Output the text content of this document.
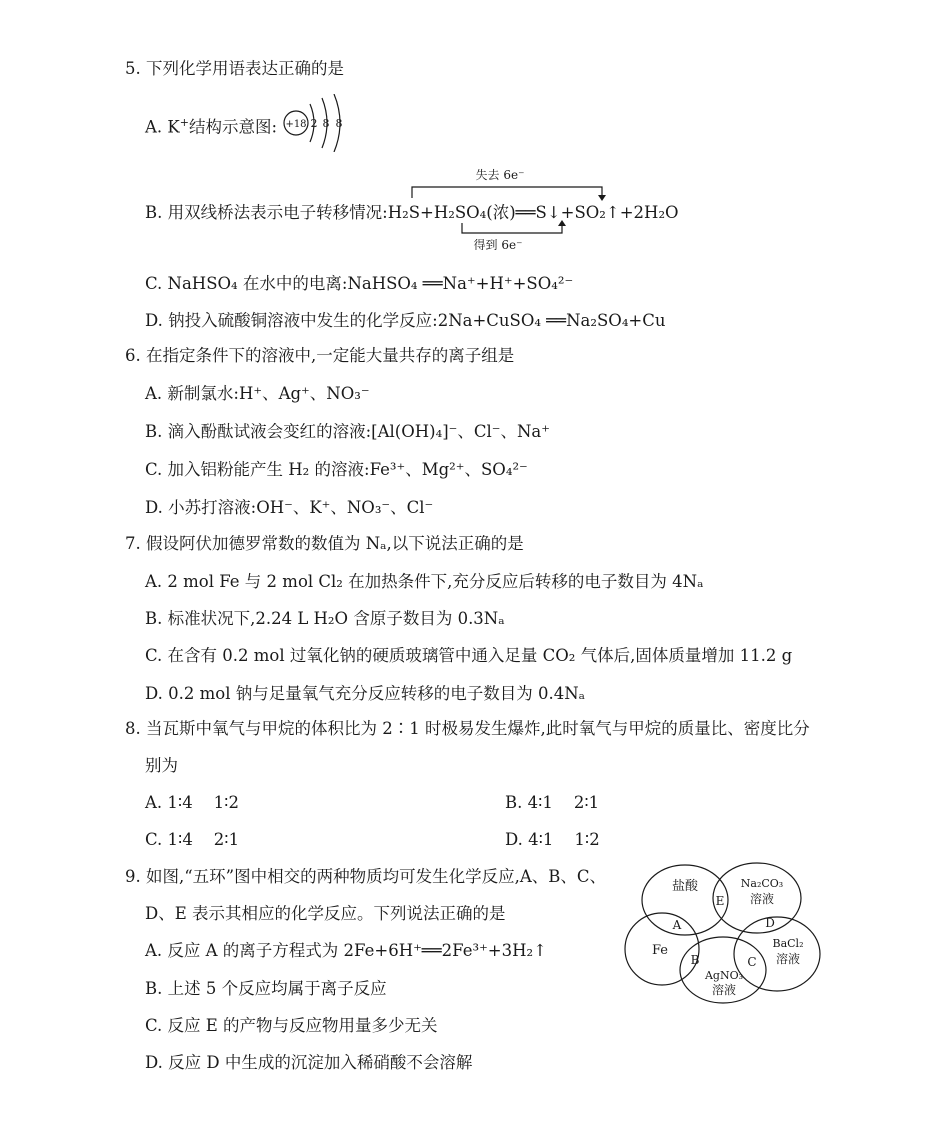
5. 下列化学用语表达正确的是
A. K+结构示意图: +18 2 8 8
失去 6e⁻
得到 6e⁻
B. 用双线桥法表示电子转移情况:H₂S+H₂SO₄(浓)══S↓+SO₂↑+2H₂O
C. NaHSO₄ 在水中的电离:NaHSO₄ ══Na⁺+H⁺+SO₄²⁻
D. 钠投入硫酸铜溶液中发生的化学反应:2Na+CuSO₄ ══Na₂SO₄+Cu
6. 在指定条件下的溶液中,一定能大量共存的离子组是
A. 新制氯水:H⁺、Ag⁺、NO₃⁻
B. 滴入酚酞试液会变红的溶液:[Al(OH)₄]⁻、Cl⁻、Na⁺
C. 加入铝粉能产生 H₂ 的溶液:Fe³⁺、Mg²⁺、SO₄²⁻
D. 小苏打溶液:OH⁻、K⁺、NO₃⁻、Cl⁻
7. 假设阿伏加德罗常数的数值为 Nₐ,以下说法正确的是
A. 2 mol Fe 与 2 mol Cl₂ 在加热条件下,充分反应后转移的电子数目为 4Nₐ
B. 标准状况下,2.24 L H₂O 含原子数目为 0.3Nₐ
C. 在含有 0.2 mol 过氧化钠的硬质玻璃管中通入足量 CO₂ 气体后,固体质量增加 11.2 g
D. 0.2 mol 钠与足量氧气充分反应转移的电子数目为 0.4Nₐ
8. 当瓦斯中氧气与甲烷的体积比为 2∶1 时极易发生爆炸,此时氧气与甲烷的质量比、密度比分
别为
A. 1∶4    1∶2	B. 4∶1    2∶1
C. 1∶4    2∶1	D. 4∶1    1∶2
9. 如图,“五环”图中相交的两种物质均可发生化学反应,A、B、C、
D、E 表示其相应的化学反应。下列说法正确的是
A. 反应 A 的离子方程式为 2Fe+6H⁺══2Fe³⁺+3H₂↑
B. 上述 5 个反应均属于离子反应
C. 反应 E 的产物与反应物用量多少无关
D. 反应 D 中生成的沉淀加入稀硝酸不会溶解
盐酸	Na₂CO₃
溶液
Fe	BaCl₂
溶液
AgNO₃
溶液
A
B	C
D
E
